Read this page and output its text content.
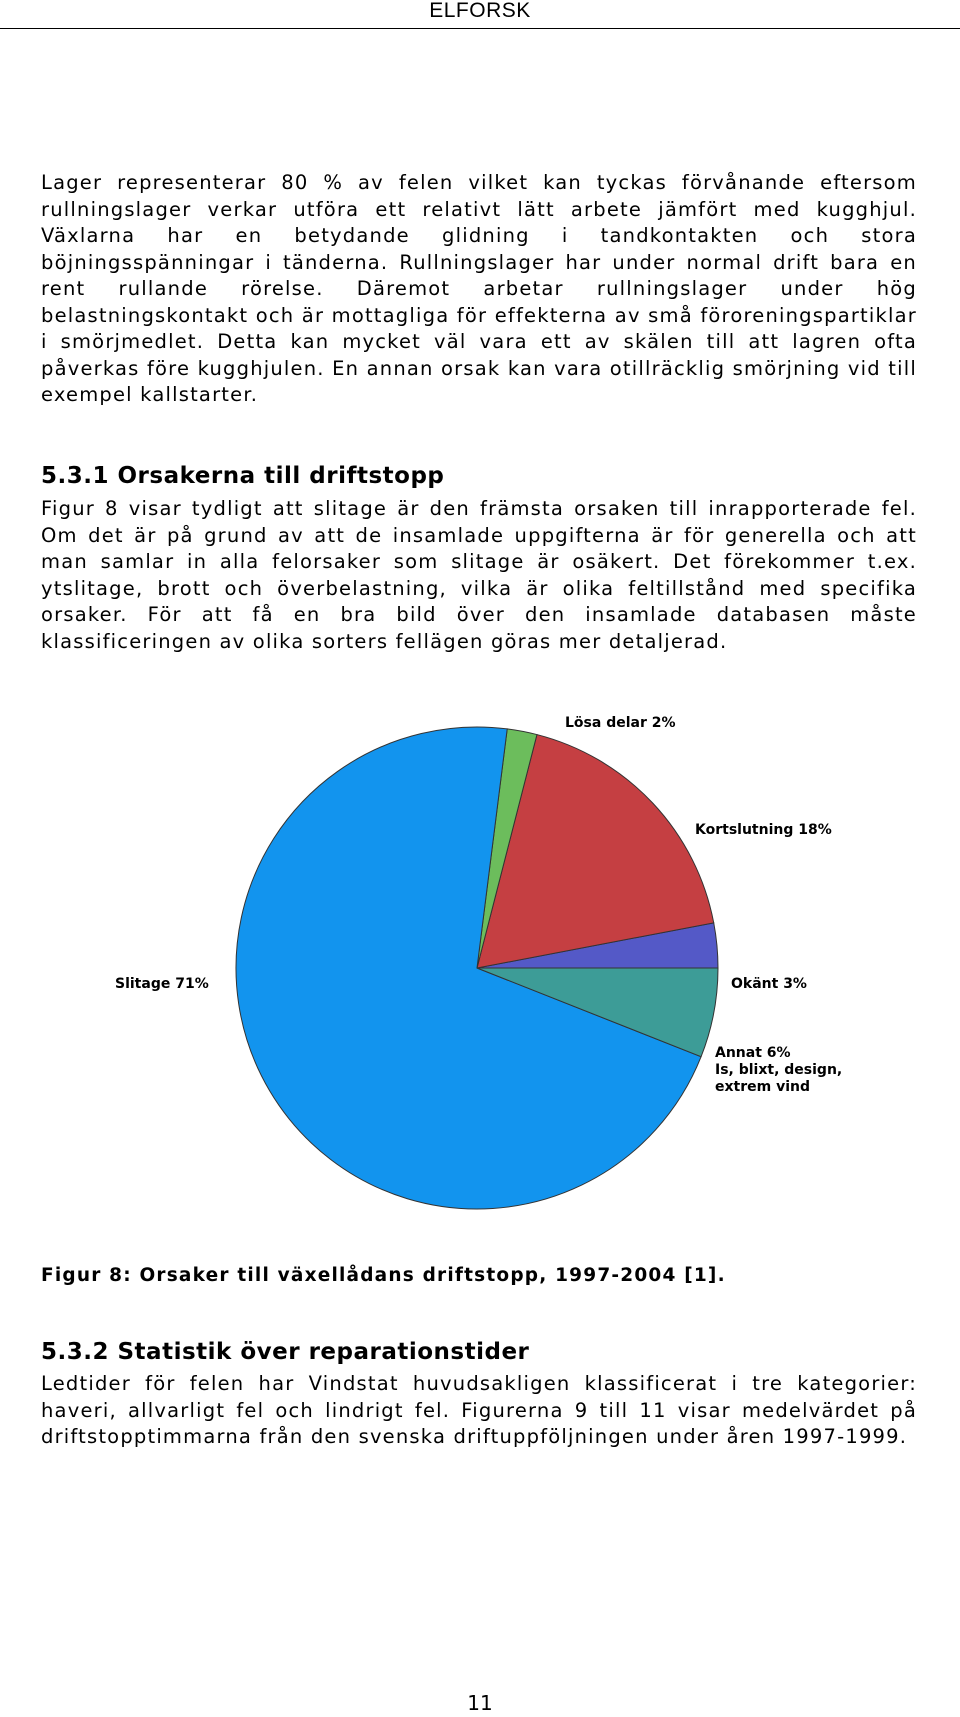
ELFORSK

Lager representerar 80 % av felen vilket kan tyckas förvånande eftersom rullningslager verkar utföra ett relativt lätt arbete jämfört med kugghjul. Växlarna har en betydande glidning i tandkontakten och stora böjningsspänningar i tänderna. Rullningslager har under normal drift bara en rent rullande rörelse. Däremot arbetar rullningslager under hög belastningskontakt och är mottagliga för effekterna av små föroreningspartiklar i smörjmedlet. Detta kan mycket väl vara ett av skälen till att lagren ofta påverkas före kugghjulen. En annan orsak kan vara otillräcklig smörjning vid till exempel kallstarter.

5.3.1 Orsakerna till driftstopp

Figur 8 visar tydligt att slitage är den främsta orsaken till inrapporterade fel. Om det är på grund av att de insamlade uppgifterna är för generella och att man samlar in alla felorsaker som slitage är osäkert. Det förekommer t.ex. ytslitage, brott och överbelastning, vilka är olika feltillstånd med specifika orsaker. För att få en bra bild över den insamlade databasen måste klassificeringen av olika sorters fellägen göras mer detaljerad.

Lösa delar 2%
Kortslutning 18%
Slitage 71%	Okänt 3%
Annat 6%
Is, blixt, design,
extrem vind

Figur 8: Orsaker till växellådans driftstopp, 1997-2004 [1].

5.3.2 Statistik över reparationstider

Ledtider för felen har Vindstat huvudsakligen klassificerat i tre kategorier: haveri, allvarligt fel och lindrigt fel. Figurerna 9 till 11 visar medelvärdet på driftstopptimmarna från den svenska driftuppföljningen under åren 1997-1999.

11
